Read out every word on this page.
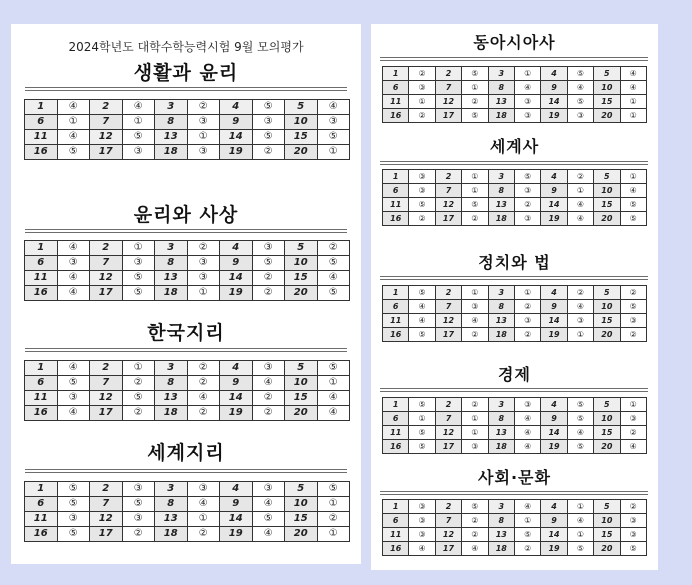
2024학년도 대학수학능력시험 9월 모의평가
생활과 윤리
1	④	2	④	3	②	4	⑤	5	④
6	①	7	①	8	③	9	③	10	③
11	④	12	⑤	13	①	14	⑤	15	⑤
16	⑤	17	③	18	③	19	②	20	①
윤리와 사상
1	④	2	①	3	②	4	③	5	②
6	③	7	③	8	③	9	⑤	10	⑤
11	④	12	⑤	13	③	14	②	15	④
16	④	17	⑤	18	①	19	②	20	⑤
한국지리
1	④	2	①	3	②	4	③	5	⑤
6	⑤	7	②	8	②	9	④	10	①
11	③	12	⑤	13	④	14	②	15	④
16	④	17	②	18	②	19	②	20	④
세계지리
1	⑤	2	③	3	③	4	③	5	⑤
6	⑤	7	⑤	8	④	9	④	10	①
11	③	12	③	13	①	14	⑤	15	②
16	⑤	17	②	18	②	19	④	20	①
동아시아사
1	②	2	⑤	3	①	4	⑤	5	④
6	③	7	①	8	④	9	④	10	④
11	①	12	②	13	③	14	⑤	15	①
16	②	17	⑤	18	③	19	③	20	①
세계사
1	③	2	①	3	⑤	4	②	5	①
6	③	7	①	8	③	9	①	10	④
11	⑤	12	⑤	13	②	14	④	15	⑤
16	②	17	②	18	③	19	④	20	⑤
정치와 법
1	⑤	2	①	3	①	4	②	5	②
6	④	7	③	8	②	9	④	10	⑤
11	④	12	④	13	③	14	③	15	③
16	⑤	17	②	18	②	19	①	20	②
경제
1	⑤	2	②	3	③	4	⑤	5	①
6	①	7	①	8	④	9	⑤	10	③
11	⑤	12	①	13	④	14	④	15	②
16	⑤	17	③	18	④	19	⑤	20	④
사회·문화
1	③	2	⑤	3	④	4	①	5	②
6	③	7	②	8	①	9	④	10	③
11	③	12	②	13	⑤	14	①	15	③
16	④	17	④	18	②	19	⑤	20	⑤
